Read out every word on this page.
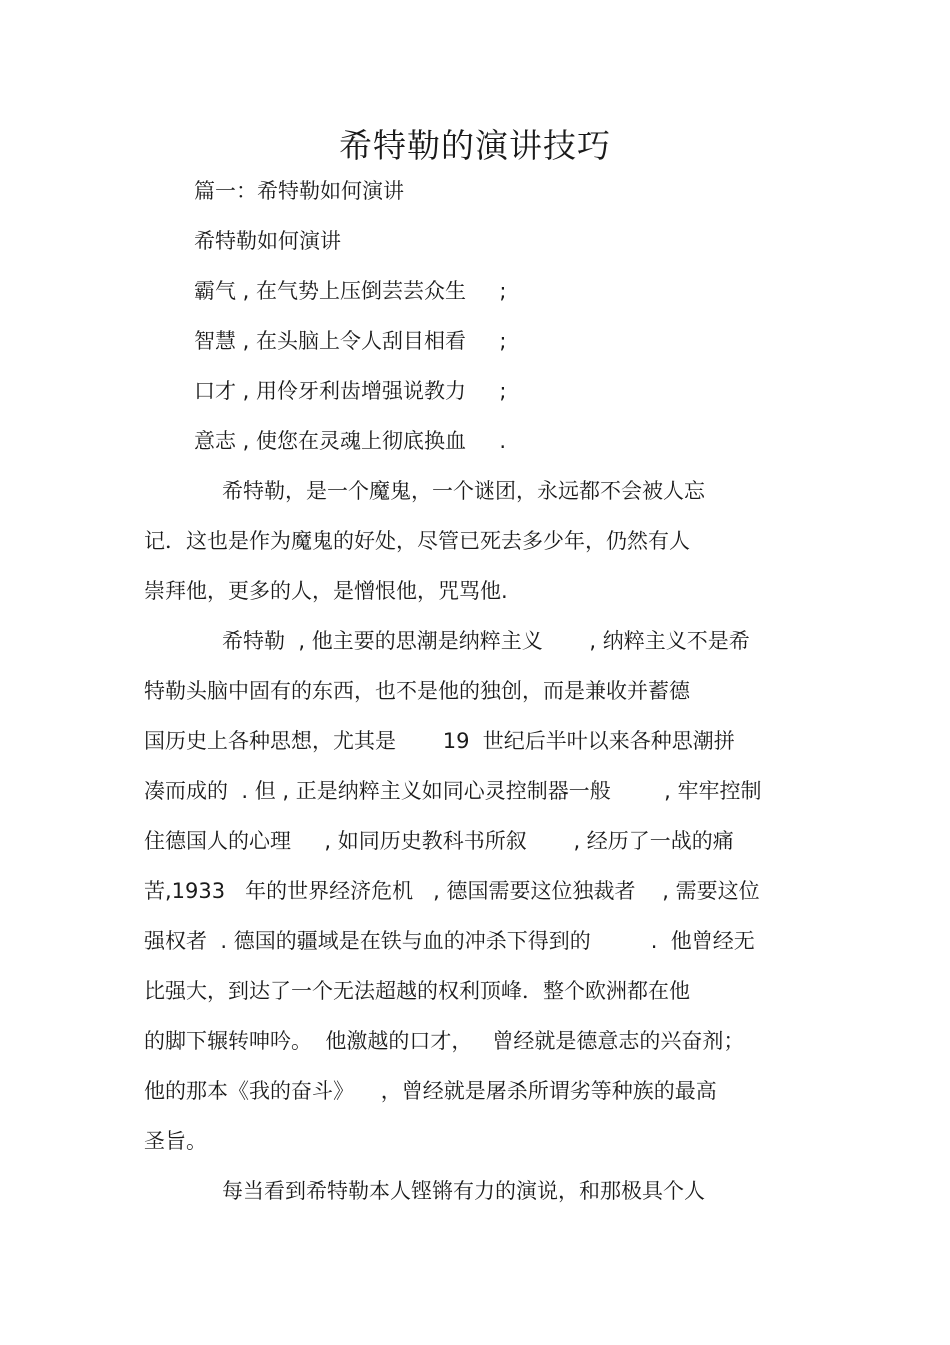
希特勒的演讲技巧
篇一：希特勒如何演讲
希特勒如何演讲
霸气 , 在气势上压倒芸芸众生     ;
智慧 , 在头脑上令人刮目相看     ;
口才 , 用伶牙利齿增强说教力     ;
意志 , 使您在灵魂上彻底换血     .
希特勒，是一个魔鬼，一个谜团，永远都不会被人忘
记．这也是作为魔鬼的好处，尽管已死去多少年，仍然有人
崇拜他，更多的人，是憎恨他，咒骂他.
希特勒  , 他主要的思潮是纳粹主义       , 纳粹主义不是希
特勒头脑中固有的东西，也不是他的独创，而是兼收并蓄德
国历史上各种思想，尤其是       19  世纪后半叶以来各种思潮拼
凑而成的  . 但 , 正是纳粹主义如同心灵控制器一般        , 牢牢控制
住德国人的心理     , 如同历史教科书所叙       , 经历了一战的痛
苦,1933   年的世界经济危机   , 德国需要这位独裁者    , 需要这位
强权者  . 德国的疆域是在铁与血的冲杀下得到的         .  他曾经无
比强大，到达了一个无法超越的权利顶峰．整个欧洲都在他
的脚下辗转呻吟。  他激越的口才，   曾经就是德意志的兴奋剂；
他的那本《我的奋斗》    ，曾经就是屠杀所谓劣等种族的最高
圣旨。
每当看到希特勒本人铿锵有力的演说，和那极具个人
